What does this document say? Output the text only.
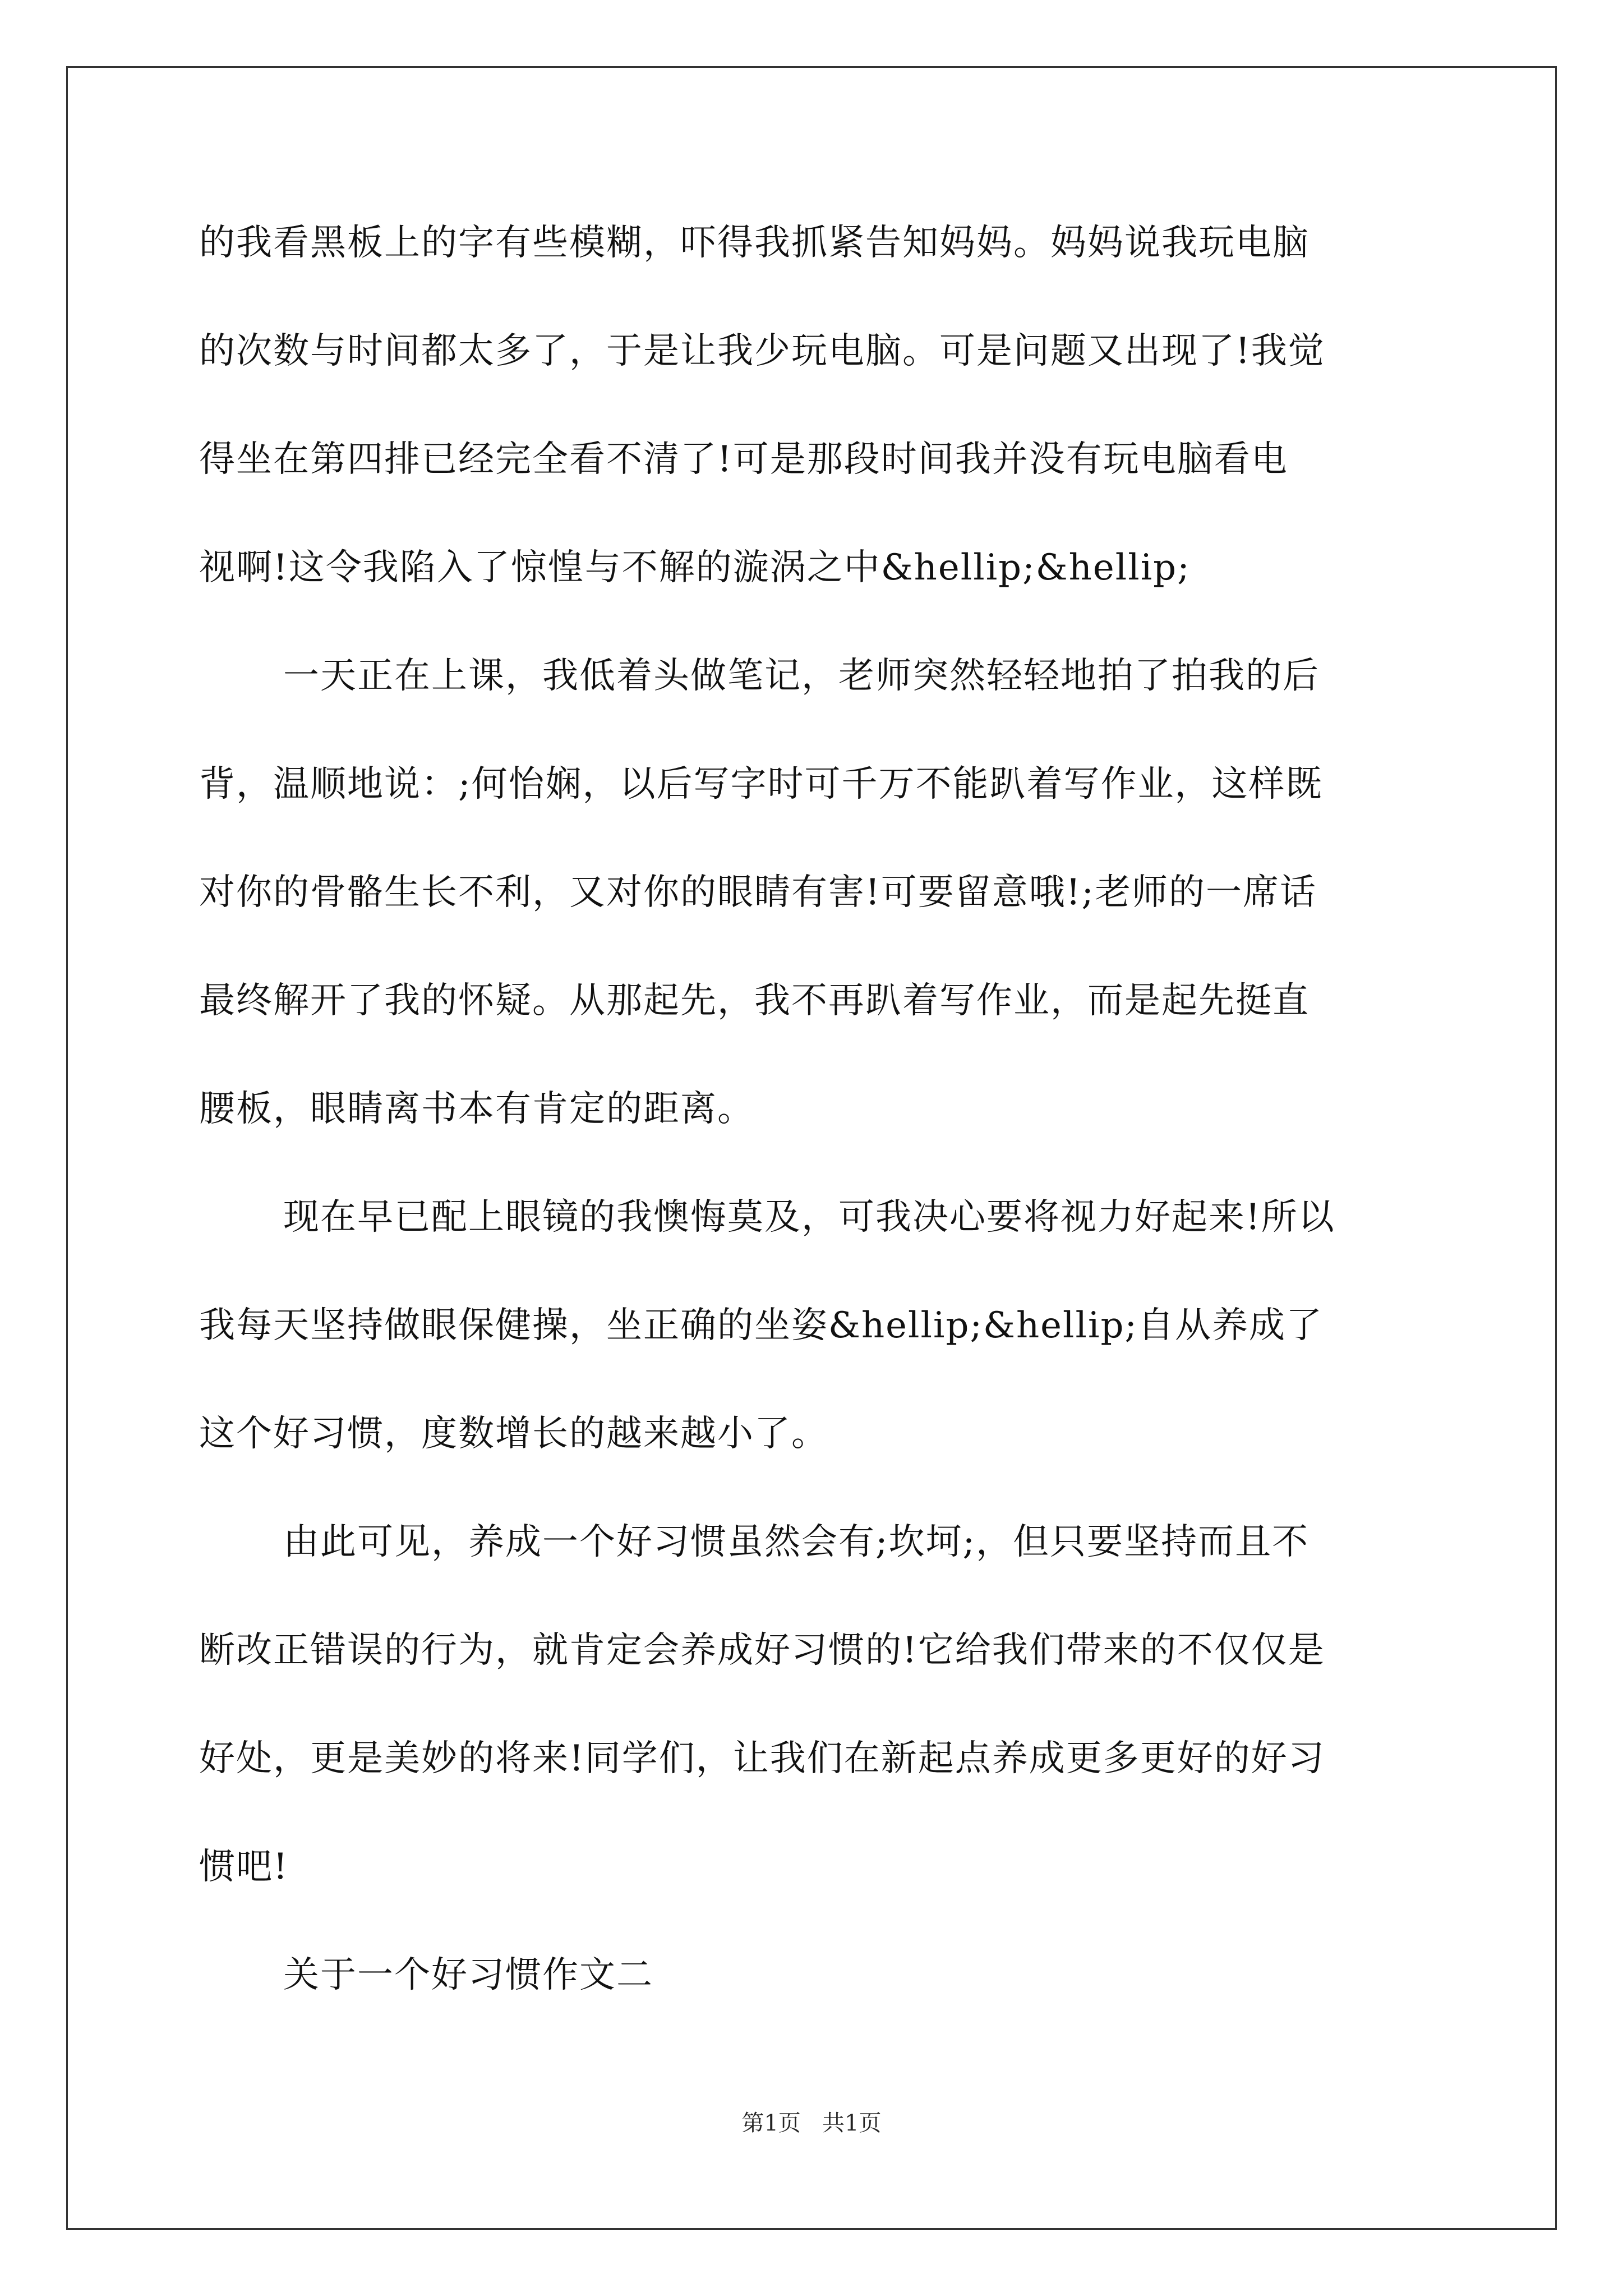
的我看黑板上的字有些模糊，吓得我抓紧告知妈妈。妈妈说我玩电脑
的次数与时间都太多了，于是让我少玩电脑。可是问题又出现了!我觉
得坐在第四排已经完全看不清了!可是那段时间我并没有玩电脑看电
视啊!这令我陷入了惊惶与不解的漩涡之中&hellip;&hellip;
一天正在上课，我低着头做笔记，老师突然轻轻地拍了拍我的后
背，温顺地说：;何怡娴，以后写字时可千万不能趴着写作业，这样既
对你的骨骼生长不利，又对你的眼睛有害!可要留意哦!;老师的一席话
最终解开了我的怀疑。从那起先，我不再趴着写作业，而是起先挺直
腰板，眼睛离书本有肯定的距离。
现在早已配上眼镜的我懊悔莫及，可我决心要将视力好起来!所以
我每天坚持做眼保健操，坐正确的坐姿&hellip;&hellip;自从养成了
这个好习惯，度数增长的越来越小了。
由此可见，养成一个好习惯虽然会有;坎坷;，但只要坚持而且不
断改正错误的行为，就肯定会养成好习惯的!它给我们带来的不仅仅是
好处，更是美妙的将来!同学们，让我们在新起点养成更多更好的好习
惯吧!
关于一个好习惯作文二
第1页   共1页
